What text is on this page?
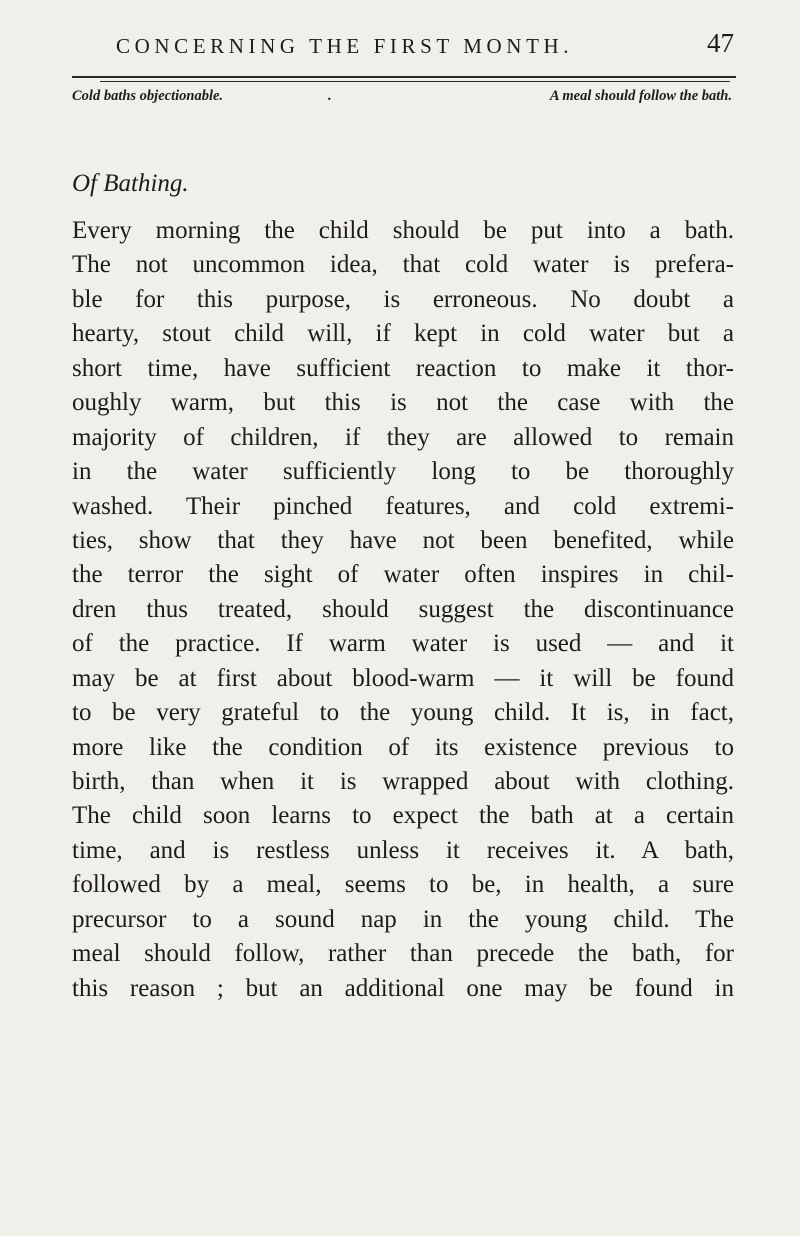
CONCERNING THE FIRST MONTH.	47
Cold baths objectionable.	.	A meal should follow the bath.
Of Bathing.
Every morning the child should be put into a bath.
The not uncommon idea, that cold water is prefera-
ble for this purpose, is erroneous. No doubt a
hearty, stout child will, if kept in cold water but a
short time, have sufficient reaction to make it thor-
oughly warm, but this is not the case with the
majority of children, if they are allowed to remain
in the water sufficiently long to be thoroughly
washed. Their pinched features, and cold extremi-
ties, show that they have not been benefited, while
the terror the sight of water often inspires in chil-
dren thus treated, should suggest the discontinuance
of the practice. If warm water is used — and it
may be at first about blood-warm — it will be found
to be very grateful to the young child. It is, in fact,
more like the condition of its existence previous to
birth, than when it is wrapped about with clothing.
The child soon learns to expect the bath at a certain
time, and is restless unless it receives it. A bath,
followed by a meal, seems to be, in health, a sure
precursor to a sound nap in the young child. The
meal should follow, rather than precede the bath, for
this reason ; but an additional one may be found in
